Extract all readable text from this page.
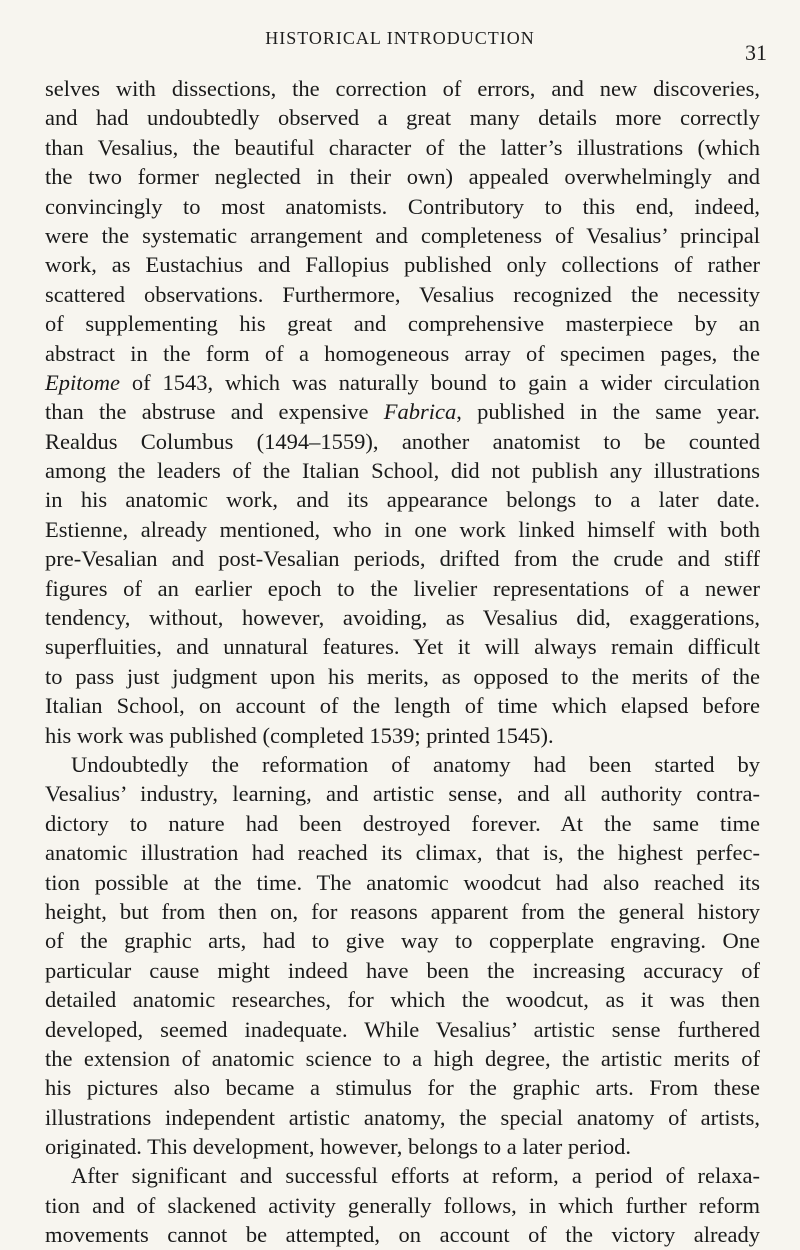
HISTORICAL INTRODUCTION
31
selves with dissections, the correction of errors, and new discoveries,
and had undoubtedly observed a great many details more correctly
than Vesalius, the beautiful character of the latter’s illustrations (which
the two former neglected in their own) appealed overwhelmingly and
convincingly to most anatomists. Contributory to this end, indeed,
were the systematic arrangement and completeness of Vesalius’ principal
work, as Eustachius and Fallopius published only collections of rather
scattered observations. Furthermore, Vesalius recognized the necessity
of supplementing his great and comprehensive masterpiece by an
abstract in the form of a homogeneous array of specimen pages, the
Epitome of 1543, which was naturally bound to gain a wider circulation
than the abstruse and expensive Fabrica, published in the same year.
Realdus Columbus (1494–1559), another anatomist to be counted
among the leaders of the Italian School, did not publish any illustrations
in his anatomic work, and its appearance belongs to a later date.
Estienne, already mentioned, who in one work linked himself with both
pre-Vesalian and post-Vesalian periods, drifted from the crude and stiff
figures of an earlier epoch to the livelier representations of a newer
tendency, without, however, avoiding, as Vesalius did, exaggerations,
superfluities, and unnatural features. Yet it will always remain difficult
to pass just judgment upon his merits, as opposed to the merits of the
Italian School, on account of the length of time which elapsed before
his work was published (completed 1539; printed 1545).
Undoubtedly the reformation of anatomy had been started by
Vesalius’ industry, learning, and artistic sense, and all authority contra-
dictory to nature had been destroyed forever. At the same time
anatomic illustration had reached its climax, that is, the highest perfec-
tion possible at the time. The anatomic woodcut had also reached its
height, but from then on, for reasons apparent from the general history
of the graphic arts, had to give way to copperplate engraving. One
particular cause might indeed have been the increasing accuracy of
detailed anatomic researches, for which the woodcut, as it was then
developed, seemed inadequate. While Vesalius’ artistic sense furthered
the extension of anatomic science to a high degree, the artistic merits of
his pictures also became a stimulus for the graphic arts. From these
illustrations independent artistic anatomy, the special anatomy of artists,
originated. This development, however, belongs to a later period.
After significant and successful efforts at reform, a period of relaxa-
tion and of slackened activity generally follows, in which further reform
movements cannot be attempted, on account of the victory already
